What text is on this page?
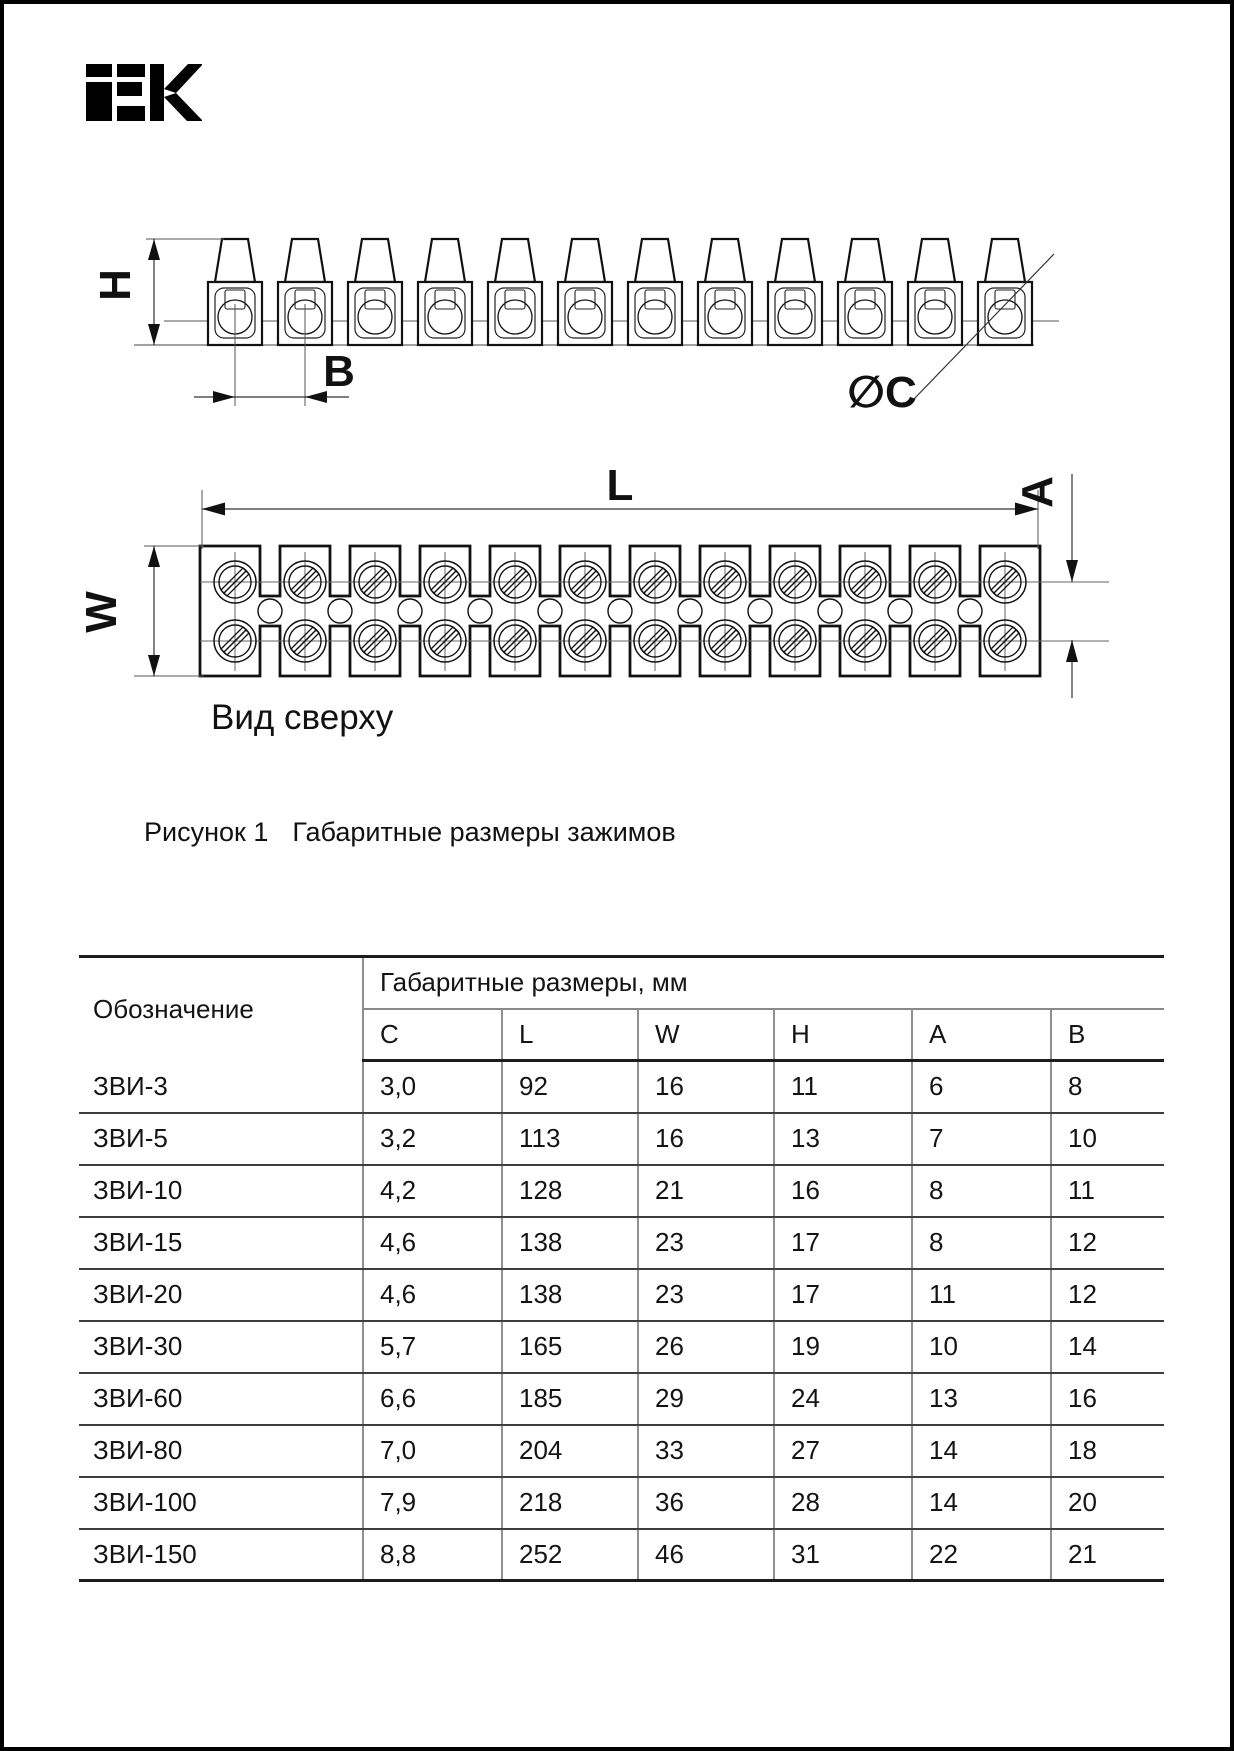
H
B	∅C
W
L	A
Вид сверху
Рисунок 1 Габаритные размеры зажимов
Обозначение	Габаритные размеры, мм					
	C	L	W	H	A	B
ЗВИ-3	3,0	92	16	11	6	8
ЗВИ-5	3,2	113	16	13	7	10
ЗВИ-10	4,2	128	21	16	8	11
ЗВИ-15	4,6	138	23	17	8	12
ЗВИ-20	4,6	138	23	17	11	12
ЗВИ-30	5,7	165	26	19	10	14
ЗВИ-60	6,6	185	29	24	13	16
ЗВИ-80	7,0	204	33	27	14	18
ЗВИ-100	7,9	218	36	28	14	20
ЗВИ-150	8,8	252	46	31	22	21
